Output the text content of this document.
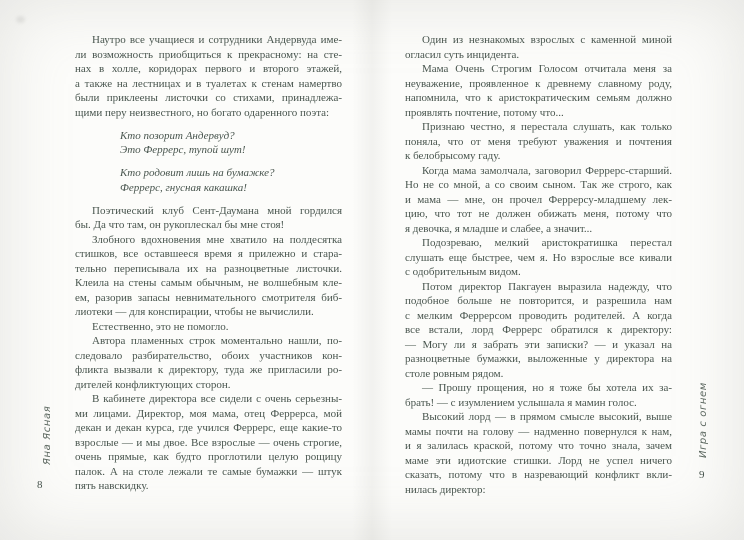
Наутро все учащиеся и сотрудники Андервуда име-
ли возможность приобщиться к прекрасному: на сте-
нах в холле, коридорах первого и второго этажей,
а также на лестницах и в туалетах к стенам намертво
были приклеены листочки со стихами, принадлежа-
щими перу неизвестного, но богато одаренного поэта:
Кто позорит Андервуд?
Это Феррерс, тупой шут!
Кто родовит лишь на бумажке?
Феррерс, гнусная какашка!
Поэтический клуб Сент-Даумана мной гордился
бы. Да что там, он рукоплескал бы мне стоя!
Злобного вдохновения мне хватило на полдесятка
стишков, все оставшееся время я прилежно и стара-
тельно переписывала их на разноцветные листочки.
Клеила на стены самым обычным, не волшебным кле-
ем, разорив запасы невнимательного смотрителя биб-
лиотеки — для конспирации, чтобы не вычислили.
Естественно, это не помогло.
Автора пламенных строк моментально нашли, по-
следовало разбирательство, обоих участников кон-
фликта вызвали к директору, туда же пригласили ро-
дителей конфликтующих сторон.
В кабинете директора все сидели с очень серьезны-
ми лицами. Директор, моя мама, отец Феррерса, мой
декан и декан курса, где учился Феррерс, еще какие-то
взрослые — и мы двое. Все взрослые — очень строгие,
очень прямые, как будто проглотили целую рощицу
палок. А на столе лежали те самые бумажки — штук
пять навскидку.
Один из незнакомых взрослых с каменной миной
огласил суть инцидента.
Мама Очень Строгим Голосом отчитала меня за
неуважение, проявленное к древнему славному роду,
напомнила, что к аристократическим семьям должно
проявлять почтение, потому что...
Признаю честно, я перестала слушать, как только
поняла, что от меня требуют уважения и почтения
к белобрысому гаду.
Когда мама замолчала, заговорил Феррерс-старший.
Но не со мной, а со своим сыном. Так же строго, как
и мама — мне, он прочел Феррерсу-младшему лек-
цию, что тот не должен обижать меня, потому что
я девочка, я младше и слабее, а значит...
Подозреваю, мелкий аристократишка перестал
слушать еще быстрее, чем я. Но взрослые все кивали
с одобрительным видом.
Потом директор Пакгауен выразила надежду, что
подобное больше не повторится, и разрешила нам
с мелким Феррерсом проводить родителей. А когда
все встали, лорд Феррерс обратился к директору:
— Могу ли я забрать эти записки? — и указал на
разноцветные бумажки, выложенные у директора на
столе ровным рядом.
— Прошу прощения, но я тоже бы хотела их за-
брать! — с изумлением услышала я мамин голос.
Высокий лорд — в прямом смысле высокий, выше
мамы почти на голову — надменно повернулся к нам,
и я залилась краской, потому что точно знала, зачем
маме эти идиотские стишки. Лорд не успел ничего
сказать, потому что в назревающий конфликт вкли-
нилась директор:
Яна Ясная	Игра с огнем
8
9
